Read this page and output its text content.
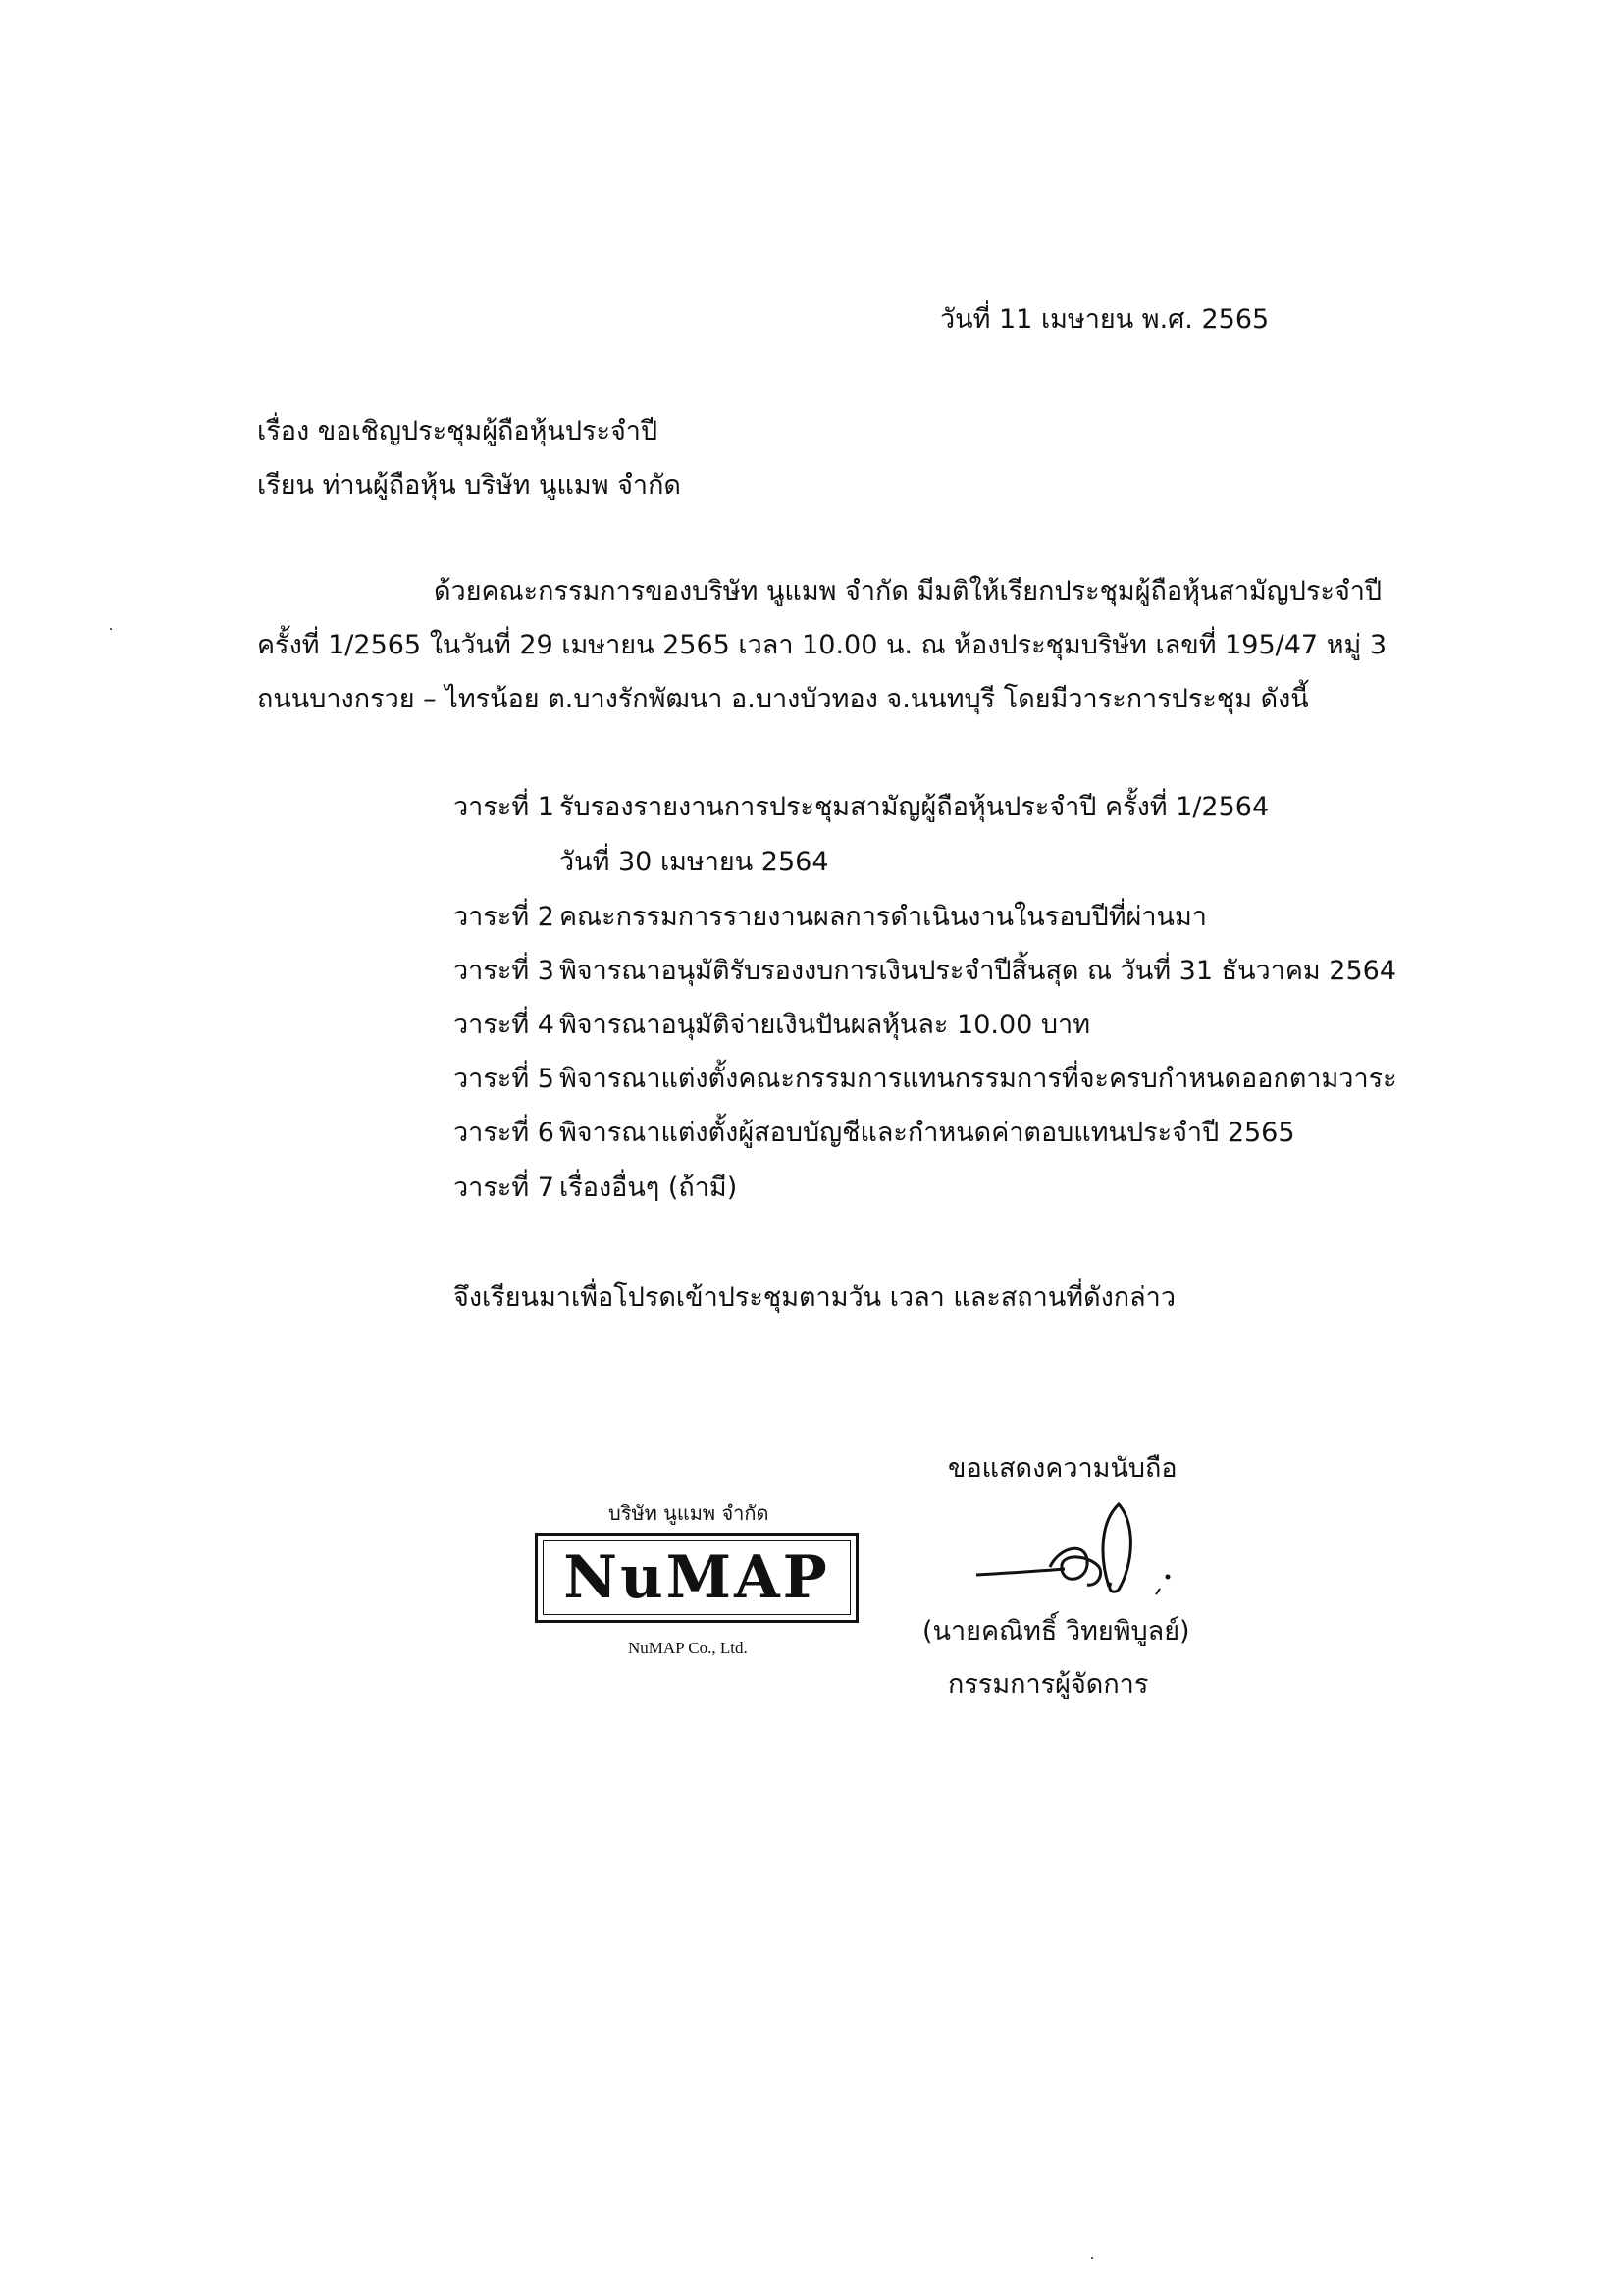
วันที่ 11 เมษายน พ.ศ. 2565
เรื่อง ขอเชิญประชุมผู้ถือหุ้นประจำปี
เรียน ท่านผู้ถือหุ้น บริษัท นูแมพ จำกัด
ด้วยคณะกรรมการของบริษัท นูแมพ จำกัด มีมติให้เรียกประชุมผู้ถือหุ้นสามัญประจำปี
ครั้งที่ 1/2565 ในวันที่ 29 เมษายน 2565 เวลา 10.00 น. ณ ห้องประชุมบริษัท เลขที่ 195/47 หมู่ 3
ถนนบางกรวย – ไทรน้อย ต.บางรักพัฒนา อ.บางบัวทอง จ.นนทบุรี โดยมีวาระการประชุม ดังนี้
วาระที่ 1 รับรองรายงานการประชุมสามัญผู้ถือหุ้นประจำปี ครั้งที่ 1/2564
วันที่ 30 เมษายน 2564
วาระที่ 2 คณะกรรมการรายงานผลการดำเนินงานในรอบปีที่ผ่านมา
วาระที่ 3 พิจารณาอนุมัติรับรองงบการเงินประจำปีสิ้นสุด ณ วันที่ 31 ธันวาคม 2564
วาระที่ 4 พิจารณาอนุมัติจ่ายเงินปันผลหุ้นละ 10.00 บาท
วาระที่ 5 พิจารณาแต่งตั้งคณะกรรมการแทนกรรมการที่จะครบกำหนดออกตามวาระ
วาระที่ 6 พิจารณาแต่งตั้งผู้สอบบัญชีและกำหนดค่าตอบแทนประจำปี 2565
วาระที่ 7 เรื่องอื่นๆ (ถ้ามี)
จึงเรียนมาเพื่อโปรดเข้าประชุมตามวัน เวลา และสถานที่ดังกล่าว
ขอแสดงความนับถือ
(นายคณิทธิ์ วิทยพิบูลย์)
กรรมการผู้จัดการ
บริษัท นูแมพ จำกัด
NuMAP
NuMAP Co., Ltd.
